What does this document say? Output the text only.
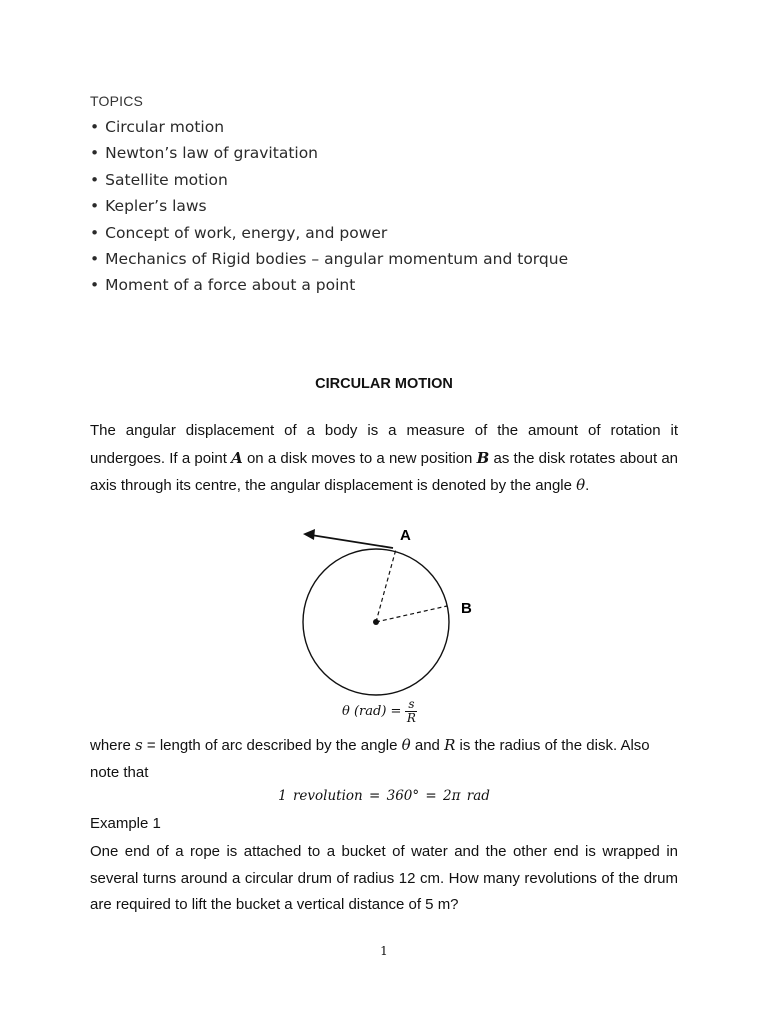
TOPICS
• Circular motion
• Newton’s law of gravitation
• Satellite motion
• Kepler’s laws
• Concept of work, energy, and power
• Mechanics of Rigid bodies – angular momentum and torque
• Moment of a force about a point
CIRCULAR MOTION
The angular displacement of a body is a measure of the amount of rotation it
undergoes. If a point A on a disk moves to a new position B as the disk rotates about an
axis through its centre, the angular displacement is denoted by the angle θ.
A
B
θ $(rad) = \frac{s}{R}$
where s = length of arc described by the angle θ and R is the radius of the disk. Also
note that
1 revolution = 360° = 2π rad
Example 1
One end of a rope is attached to a bucket of water and the other end is wrapped in several turns around a circular drum of radius 12 cm. How many revolutions of the drum are required to lift the bucket a vertical distance of 5 m?
1
